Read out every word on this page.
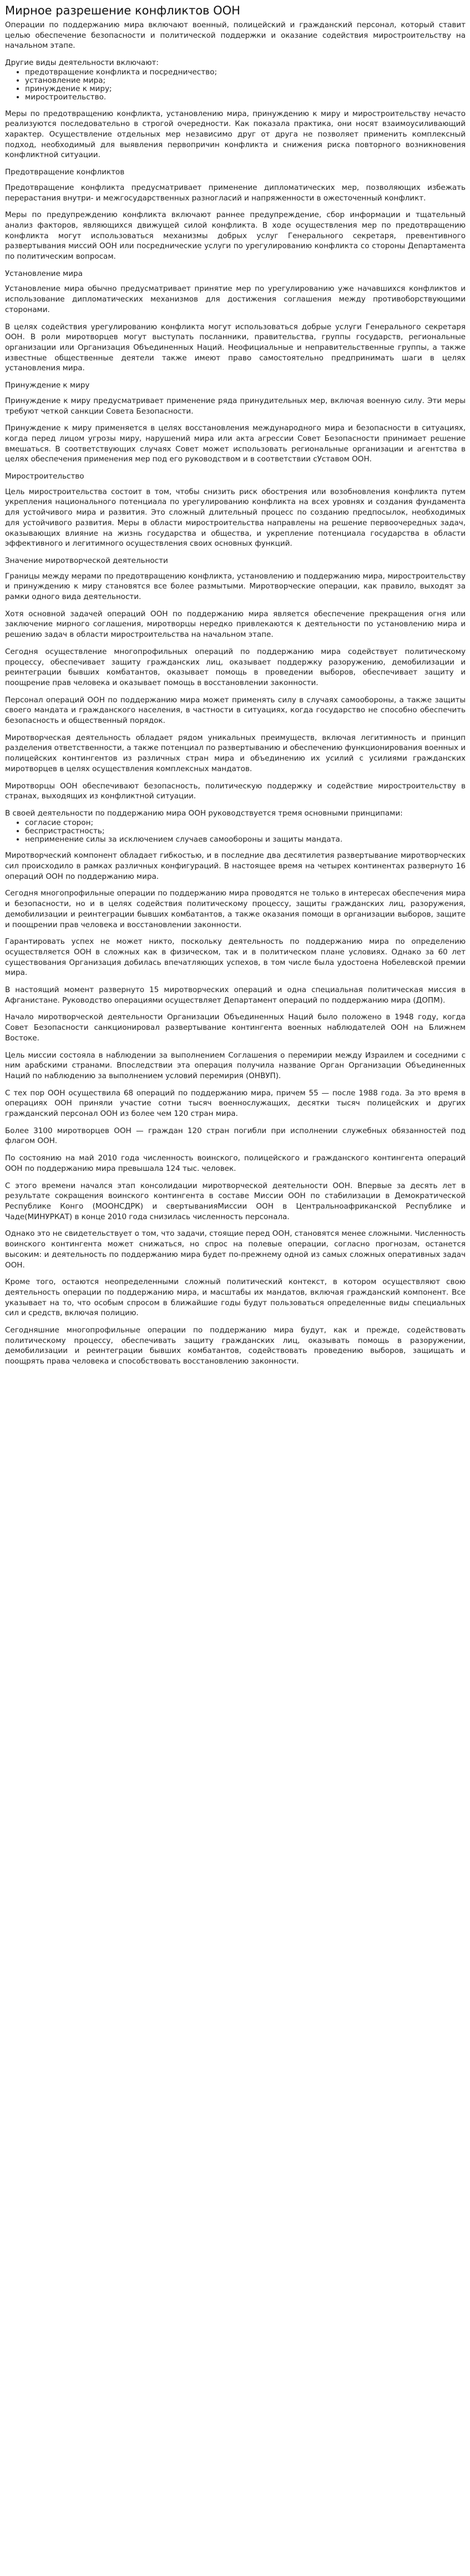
Мирное разрешение конфликтов ООН

Операции по поддержанию мира включают военный, полицейский и гражданский персонал, который ставит целью обеспечение безопасности и политической поддержки и оказание содействия миростроительству на начальном этапе.

Другие виды деятельности включают:

• предотвращение конфликта и посредничество;
• установление мира;
• принуждение к миру;
• миростроительство.

Меры по предотвращению конфликта, установлению мира, принуждению к миру и миростроительству нечасто реализуются последовательно в строгой очередности. Как показала практика, они носят взаимоусиливающий характер. Осуществление отдельных мер независимо друг от друга не позволяет применить комплексный подход, необходимый для выявления первопричин конфликта и снижения риска повторного возникновения конфликтной ситуации.

Предотвращение конфликтов

Предотвращение конфликта предусматривает применение дипломатических мер, позволяющих избежать перерастания внутри- и межгосударственных разногласий и напряженности в ожесточенный конфликт.

Меры по предупреждению конфликта включают раннее предупреждение, сбор информации и тщательный анализ факторов, являющихся движущей силой конфликта. В ходе осуществления мер по предотвращению конфликта могут использоваться механизмы добрых услуг Генерального секретаря, превентивного развертывания миссий ООН или посреднические услуги по урегулированию конфликта со стороны Департамента по политическим вопросам.

Установление мира

Установление мира обычно предусматривает принятие мер по урегулированию уже начавшихся конфликтов и использование дипломатических механизмов для достижения соглашения между противоборствующими сторонами.

В целях содействия урегулированию конфликта могут использоваться добрые услуги Генерального секретаря ООН. В роли миротворцев могут выступать посланники, правительства, группы государств, региональные организации или Организация Объединенных Наций. Неофициальные и неправительственные группы, а также известные общественные деятели также имеют право самостоятельно предпринимать шаги в целях установления мира.

Принуждение к миру

Принуждение к миру предусматривает применение ряда принудительных мер, включая военную силу. Эти меры требуют четкой санкции Совета Безопасности.

Принуждение к миру применяется в целях восстановления международного мира и безопасности в ситуациях, когда перед лицом угрозы миру, нарушений мира или акта агрессии Совет Безопасности принимает решение вмешаться. В соответствующих случаях Совет может использовать региональные организации и агентства в целях обеспечения применения мер под его руководством и в соответствии сУставом ООН.

Миростроительство

Цель миростроительства состоит в том, чтобы снизить риск обострения или возобновления конфликта путем укрепления национального потенциала по урегулированию конфликта на всех уровнях и создания фундамента для устойчивого мира и развития. Это сложный длительный процесс по созданию предпосылок, необходимых для устойчивого развития. Меры в области миростроительства направлены на решение первоочередных задач, оказывающих влияние на жизнь государства и общества, и укрепление потенциала государства в области эффективного и легитимного осуществления своих основных функций.

Значение миротворческой деятельности

Границы между мерами по предотвращению конфликта, установлению и поддержанию мира, миростроительству и принуждению к миру становятся все более размытыми. Миротворческие операции, как правило, выходят за рамки одного вида деятельности.

Хотя основной задачей операций ООН по поддержанию мира является обеспечение прекращения огня или заключение мирного соглашения, миротворцы нередко привлекаются к деятельности по установлению мира и решению задач в области миростроительства на начальном этапе.

Сегодня осуществление многопрофильных операций по поддержанию мира содействует политическому процессу, обеспечивает защиту гражданских лиц, оказывает поддержку разоружению, демобилизации и реинтеграции бывших комбатантов, оказывает помощь в проведении выборов, обеспечивает защиту и поощрение прав человека и оказывает помощь в восстановлении законности.

Персонал операций ООН по поддержанию мира может применять силу в случаях самообороны, а также защиты своего мандата и гражданского населения, в частности в ситуациях, когда государство не способно обеспечить безопасность и общественный порядок.

Миротворческая деятельность обладает рядом уникальных преимуществ, включая легитимность и принцип разделения ответственности, а также потенциал по развертыванию и обеспечению функционирования военных и полицейских контингентов из различных стран мира и объединению их усилий с усилиями гражданских миротворцев в целях осуществления комплексных мандатов.

Миротворцы ООН обеспечивают безопасность, политическую поддержку и содействие миростроительству в странах, выходящих из конфликтной ситуации.

В своей деятельности по поддержанию мира ООН руководствуется тремя основными принципами:

• согласие сторон;
• беспристрастность;
• неприменение силы за исключением случаев самообороны и защиты мандата.

Миротворческий компонент обладает гибкостью, и в последние два десятилетия развертывание миротворческих сил происходило в рамках различных конфигураций. В настоящее время на четырех континентах развернуто 16 операций ООН по поддержанию мира.

Сегодня многопрофильные операции по поддержанию мира проводятся не только в интересах обеспечения мира и безопасности, но и в целях содействия политическому процессу, защиты гражданских лиц, разоружения, демобилизации и реинтеграции бывших комбатантов, а также оказания помощи в организации выборов, защите и поощрении прав человека и восстановлении законности.

Гарантировать успех не может никто, поскольку деятельность по поддержанию мира по определению осуществляется ООН в сложных как в физическом, так и в политическом плане условиях. Однако за 60 лет существования Организация добилась впечатляющих успехов, в том числе была удостоена Нобелевской премии мира.

В настоящий момент развернуто 15 миротворческих операций и одна специальная политическая миссия в Афганистане. Руководство операциями осуществляет Департамент операций по поддержанию мира (ДОПМ).

Начало миротворческой деятельности Организации Объединенных Наций было положено в 1948 году, когда Совет Безопасности санкционировал развертывание контингента военных наблюдателей ООН на Ближнем Востоке.

Цель миссии состояла в наблюдении за выполнением Соглашения о перемирии между Израилем и соседними с ним арабскими странами. Впоследствии эта операция получила название Орган Организации Объединенных Наций по наблюдению за выполнением условий перемирия (ОНВУП).

С тех пор ООН осуществила 68 операций по поддержанию мира, причем 55 — после 1988 года. За это время в операциях ООН приняли участие сотни тысяч военнослужащих, десятки тысяч полицейских и других гражданский персонал ООН из более чем 120 стран мира.

Более 3100 миротворцев ООН — граждан 120 стран погибли при исполнении служебных обязанностей под флагом ООН.

По состоянию на май 2010 года численность воинского, полицейского и гражданского контингента операций ООН по поддержанию мира превышала 124 тыс. человек.

С этого времени начался этап консолидации миротворческой деятельности ООН. Впервые за десять лет в результате сокращения воинского контингента в составе Миссии ООН по стабилизации в Демократической Республике Конго (МООНСДРК) и свертыванияМиссии ООН в Центральноафриканской Республике и Чаде(МИНУРКАТ) в конце 2010 года снизилась численность персонала.

Однако это не свидетельствует о том, что задачи, стоящие перед ООН, становятся менее сложными. Численность воинского контингента может снижаться, но спрос на полевые операции, согласно прогнозам, останется высоким: и деятельность по поддержанию мира будет по-прежнему одной из самых сложных оперативных задач ООН.

Кроме того, остаются неопределенными сложный политический контекст, в котором осуществляют свою деятельность операции по поддержанию мира, и масштабы их мандатов, включая гражданский компонент. Все указывает на то, что особым спросом в ближайшие годы будут пользоваться определенные виды специальных сил и средств, включая полицию.

Сегодняшние многопрофильные операции по поддержанию мира будут, как и прежде, содействовать политическому процессу, обеспечивать защиту гражданских лиц, оказывать помощь в разоружении, демобилизации и реинтеграции бывших комбатантов, содействовать проведению выборов, защищать и поощрять права человека и способствовать восстановлению законности.
